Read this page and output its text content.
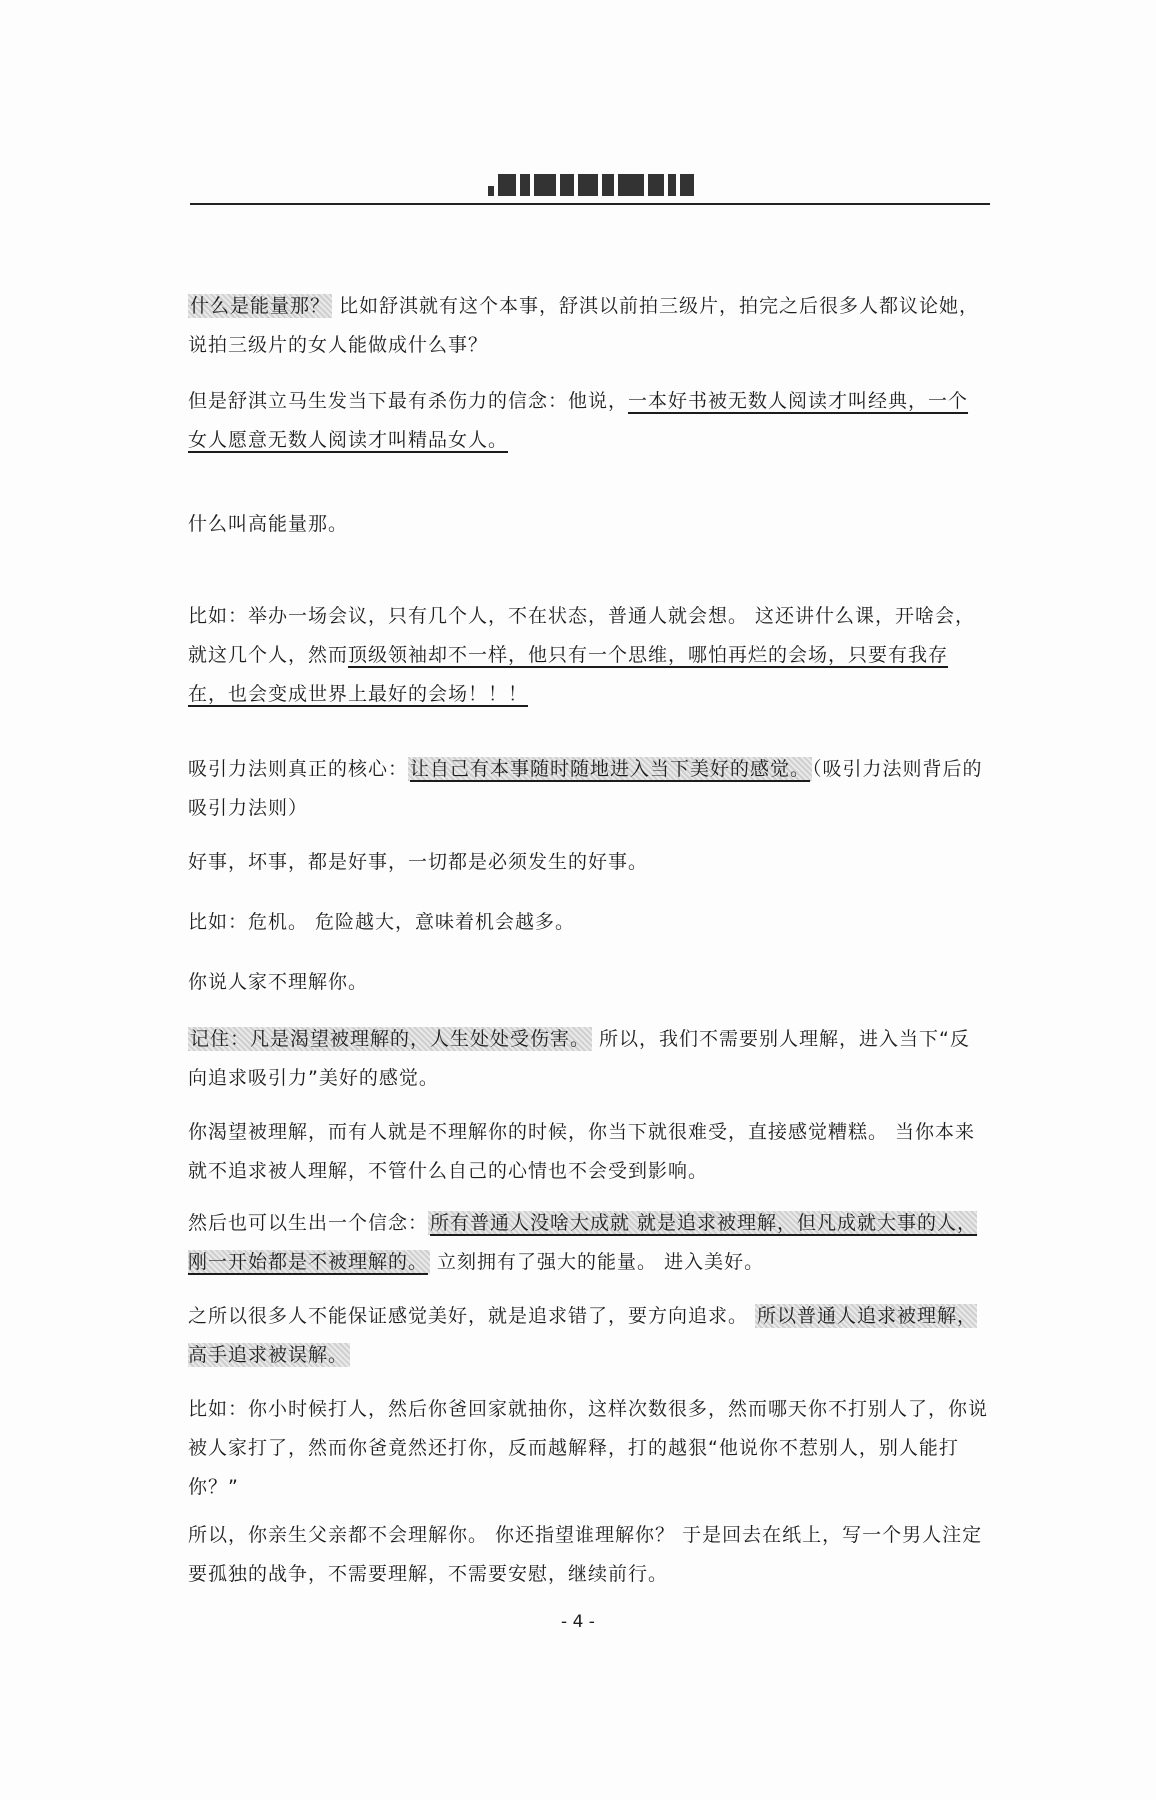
什么是能量那？ 比如舒淇就有这个本事，舒淇以前拍三级片，拍完之后很多人都议论她，说拍三级片的女人能做成什么事？

但是舒淇立马生发当下最有杀伤力的信念：他说，一本好书被无数人阅读才叫经典，一个女人愿意无数人阅读才叫精品女人。

什么叫高能量那。

比如：举办一场会议，只有几个人，不在状态，普通人就会想。 这还讲什么课，开啥会，就这几个人，然而顶级领袖却不一样，他只有一个思维，哪怕再烂的会场，只要有我存在，也会变成世界上最好的会场！！！

吸引力法则真正的核心： 让自己有本事随时随地进入当下美好的感觉。 （吸引力法则背后的吸引力法则）

好事，坏事，都是好事，一切都是必须发生的好事。

比如：危机。 危险越大，意味着机会越多。

你说人家不理解你。

记住：凡是渴望被理解的，人生处处受伤害。 所以，我们不需要别人理解，进入当下“反向追求吸引力”美好的感觉。

你渴望被理解，而有人就是不理解你的时候，你当下就很难受，直接感觉糟糕。 当你本来就不追求被人理解，不管什么自己的心情也不会受到影响。

然后也可以生出一个信念： 所有普通人没啥大成就 就是追求被理解，但凡成就大事的人，刚一开始都是不被理解的。 立刻拥有了强大的能量。 进入美好。

之所以很多人不能保证感觉美好，就是追求错了，要方向追求。 所以普通人追求被理解，高手追求被误解。

比如：你小时候打人，然后你爸回家就抽你，这样次数很多，然而哪天你不打别人了，你说被人家打了，然而你爸竟然还打你，反而越解释，打的越狠“他说你不惹别人，别人能打你？”

所以，你亲生父亲都不会理解你。 你还指望谁理解你？ 于是回去在纸上，写一个男人注定要孤独的战争，不需要理解，不需要安慰，继续前行。

- 4 -
